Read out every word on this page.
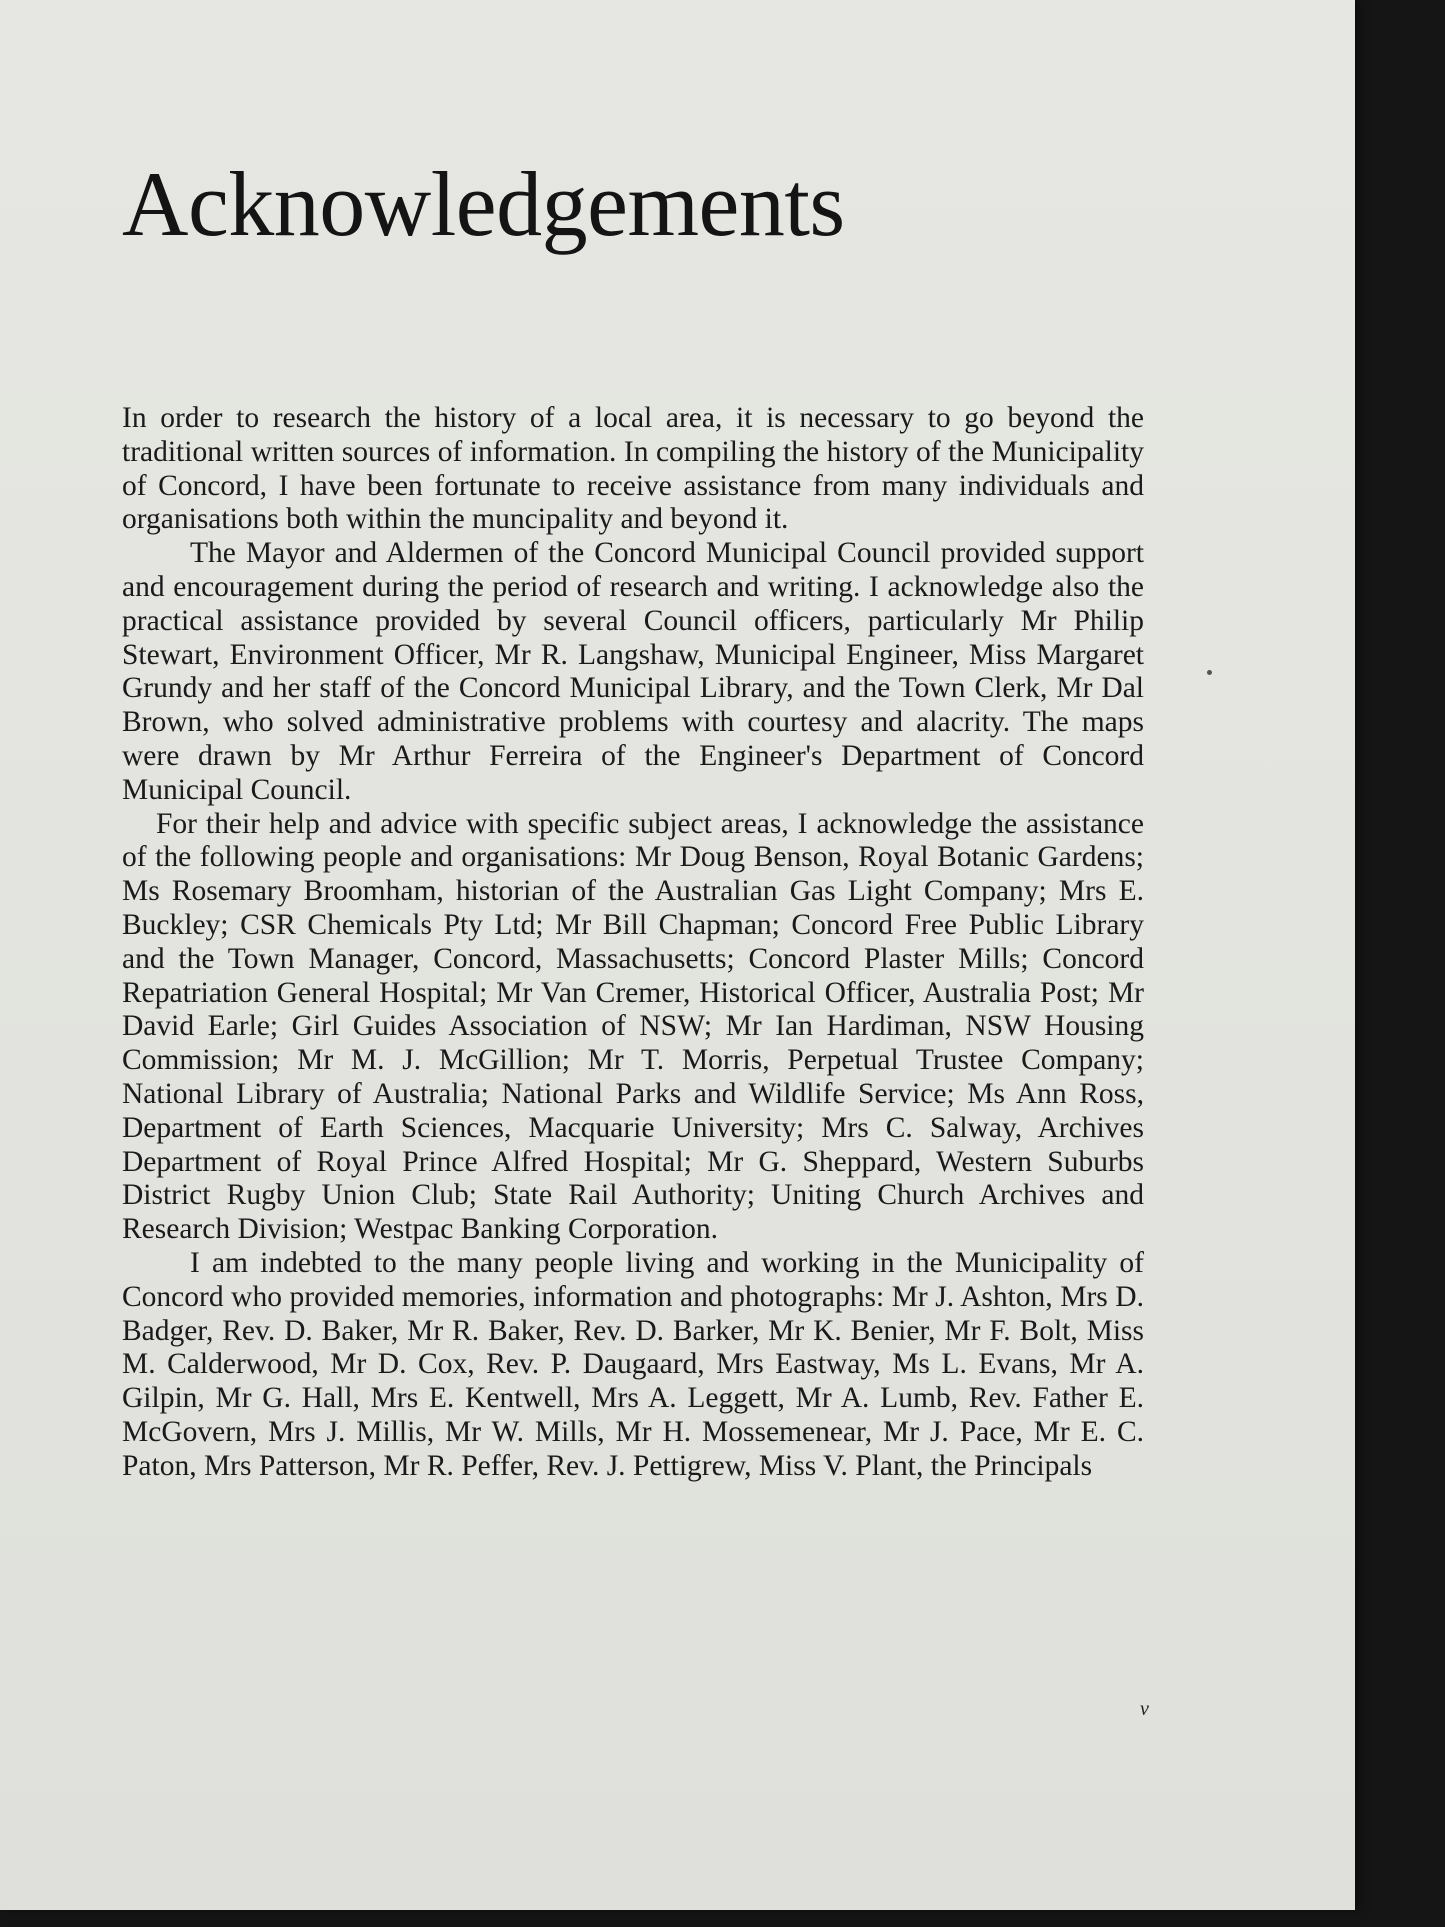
Acknowledgements

In order to research the history of a local area, it is necessary to go beyond the traditional written sources of information. In compiling the history of the Municipality of Concord, I have been fortunate to receive assistance from many individuals and organisations both within the muncipality and beyond it.

The Mayor and Aldermen of the Concord Municipal Council provided support and encouragement during the period of research and writing. I acknowledge also the practical assistance provided by several Council officers, particularly Mr Philip Stewart, Environment Officer, Mr R. Langshaw, Municipal Engineer, Miss Margaret Grundy and her staff of the Concord Municipal Library, and the Town Clerk, Mr Dal Brown, who solved administrative problems with courtesy and alacrity. The maps were drawn by Mr Arthur Ferreira of the Engineer's Department of Concord Municipal Council.

For their help and advice with specific subject areas, I acknowledge the assistance of the following people and organisations: Mr Doug Benson, Royal Botanic Gardens; Ms Rosemary Broomham, historian of the Australian Gas Light Company; Mrs E. Buckley; CSR Chemicals Pty Ltd; Mr Bill Chapman; Concord Free Public Library and the Town Manager, Concord, Massachusetts; Concord Plaster Mills; Concord Repatriation General Hospital; Mr Van Cremer, Historical Officer, Australia Post; Mr David Earle; Girl Guides Association of NSW; Mr Ian Hardiman, NSW Housing Commission; Mr M. J. McGillion; Mr T. Morris, Perpetual Trustee Company; National Library of Australia; National Parks and Wildlife Service; Ms Ann Ross, Department of Earth Sciences, Macquarie University; Mrs C. Salway, Archives Department of Royal Prince Alfred Hospital; Mr G. Sheppard, Western Suburbs District Rugby Union Club; State Rail Authority; Uniting Church Archives and Research Division; Westpac Banking Corporation.

I am indebted to the many people living and working in the Municipality of Concord who provided memories, information and photographs: Mr J. Ashton, Mrs D. Badger, Rev. D. Baker, Mr R. Baker, Rev. D. Barker, Mr K. Benier, Mr F. Bolt, Miss M. Calderwood, Mr D. Cox, Rev. P. Daugaard, Mrs Eastway, Ms L. Evans, Mr A. Gilpin, Mr G. Hall, Mrs E. Kentwell, Mrs A. Leggett, Mr A. Lumb, Rev. Father E. McGovern, Mrs J. Millis, Mr W. Mills, Mr H. Mossemenear, Mr J. Pace, Mr E. C. Paton, Mrs Patterson, Mr R. Peffer, Rev. J. Pettigrew, Miss V. Plant, the Principals

v
